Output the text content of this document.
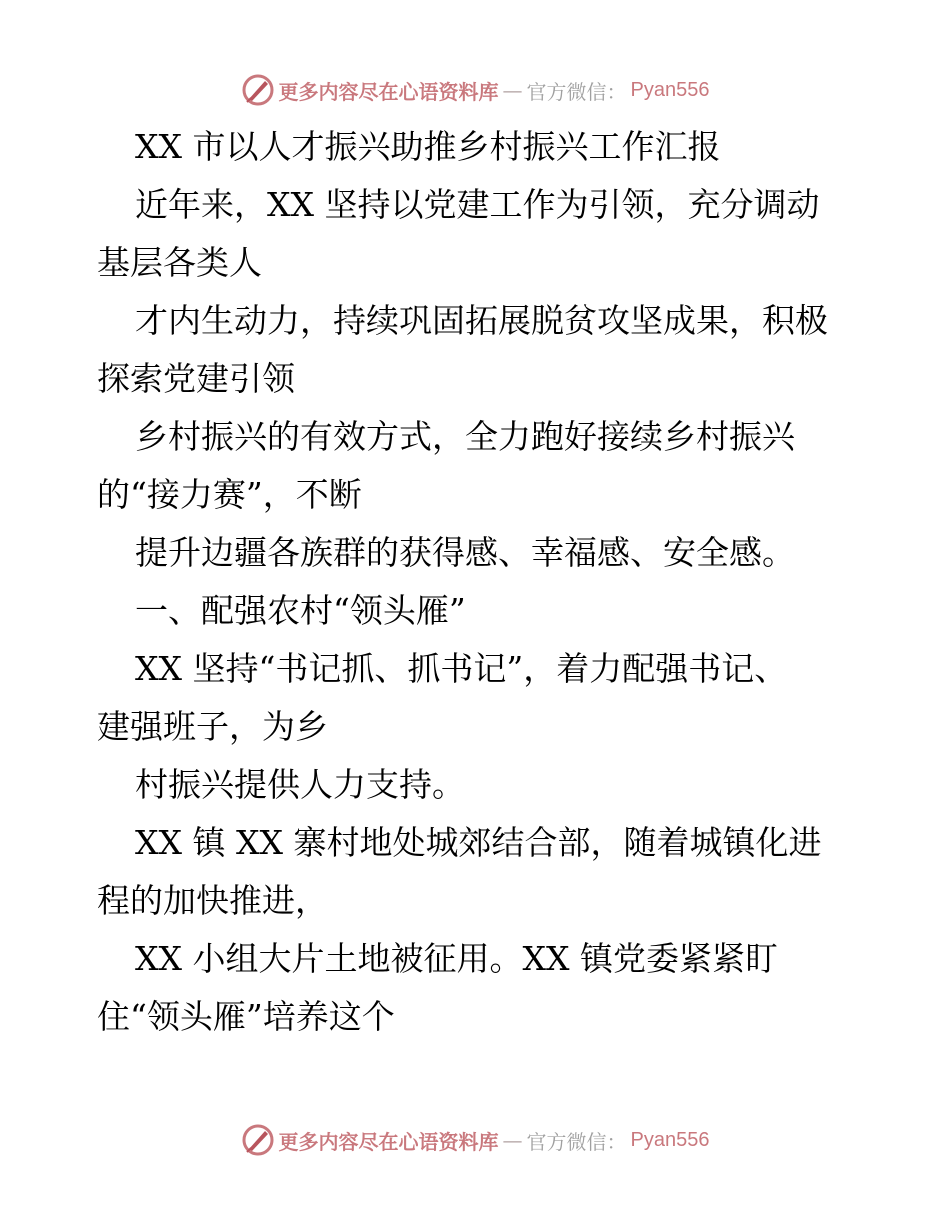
更多内容尽在心语资料库 — 官方微信： Pyan556
XX 市以人才振兴助推乡村振兴工作汇报
近年来，XX 坚持以党建工作为引领，充分调动
基层各类人
才内生动力，持续巩固拓展脱贫攻坚成果，积极
探索党建引领
乡村振兴的有效方式，全力跑好接续乡村振兴
的“接力赛”，不断
提升边疆各族群的获得感、幸福感、安全感。
一、配强农村“领头雁”
XX 坚持“书记抓、抓书记”，着力配强书记、
建强班子，为乡
村振兴提供人力支持。
XX 镇 XX 寨村地处城郊结合部，随着城镇化进
程的加快推进，
XX 小组大片土地被征用。XX 镇党委紧紧盯
住“领头雁”培养这个
更多内容尽在心语资料库 — 官方微信： Pyan556
